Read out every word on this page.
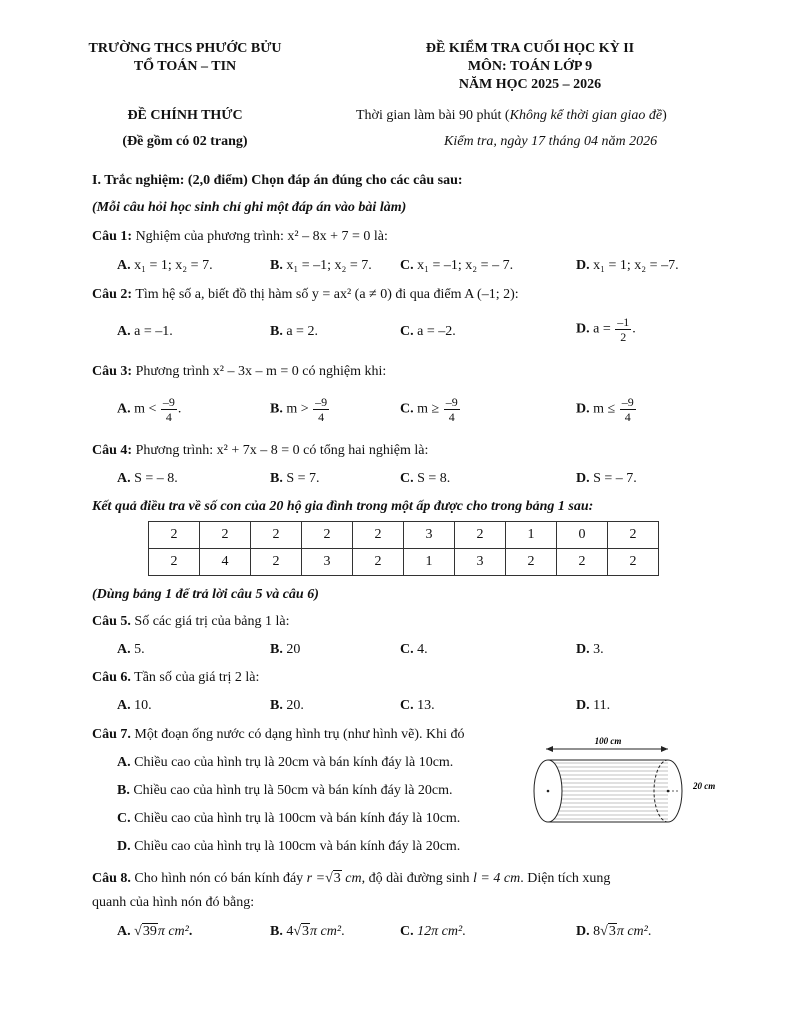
TRƯỜNG THCS PHƯỚC BỬU
TỔ TOÁN – TIN
ĐỀ KIỂM TRA CUỐI HỌC KỲ II
MÔN: TOÁN LỚP 9
NĂM HỌC 2025 – 2026
ĐỀ CHÍNH THỨC
(Đề gồm có 02 trang)
Thời gian làm bài 90 phút (Không kể thời gian giao đề)
Kiểm tra, ngày 17 tháng 04 năm 2026
I. Trắc nghiệm: (2,0 điểm) Chọn đáp án đúng cho các câu sau:
(Mỗi câu hỏi học sinh chỉ ghi một đáp án vào bài làm)
Câu 1: Nghiệm của phương trình: x² – 8x + 7 = 0 là:
A. x₁ = 1; x₂ = 7.	B. x₁ = –1; x₂ = 7. C. x₁ = –1; x₂ = – 7.	D. x₁ = 1; x₂ = –7.
Câu 2: Tìm hệ số a, biết đồ thị hàm số y = ax² (a ≠ 0) đi qua điểm A (–1; 2):
A. a = –1.	B. a = 2.	C. a = –2.	D. $a = \frac{-1}{2}$ .
Câu 3: Phương trình x² – 3x – m = 0 có nghiệm khi:
A. $m < \frac{-9}{4}$ .	B. $m > \frac{-9}{4}$	C. $m \ge \frac{-9}{4}$	D. $m \le \frac{-9}{4}$
Câu 4: Phương trình: x² + 7x – 8 = 0 có tổng hai nghiệm là:
A. S = – 8.	B. S = 7.	C. S = 8.	D. S = – 7.
Kết quả điều tra về số con của 20 hộ gia đình trong một ấp được cho trong bảng 1 sau:
2	2	2	2	2	3	2	1	0	2
2	4	2	3	2	1	3	2	2	2
(Dùng bảng 1 để trả lời câu 5 và câu 6)
Câu 5. Số các giá trị của bảng 1 là:
A. 5.	B. 20	C. 4.	D. 3.
Câu 6. Tần số của giá trị 2 là:
A. 10.	B. 20.	C. 13.	D. 11.
Câu 7. Một đoạn ống nước có dạng hình trụ (như hình vẽ). Khi đó
A. Chiều cao của hình trụ là 20cm và bán kính đáy là 10cm.
B. Chiều cao của hình trụ là 50cm và bán kính đáy là 20cm.
C. Chiều cao của hình trụ là 100cm và bán kính đáy là 10cm.
D. Chiều cao của hình trụ là 100cm và bán kính đáy là 20cm.
100 cm
20 cm
Câu 8. Cho hình nón có bán kính đáy r =√3 cm, độ dài đường sinh l = 4 cm. Diện tích xung
quanh của hình nón đó bằng:
A. √39π cm².	B. 4√3π cm².	C. 12π cm².	D. 8√3π cm².
